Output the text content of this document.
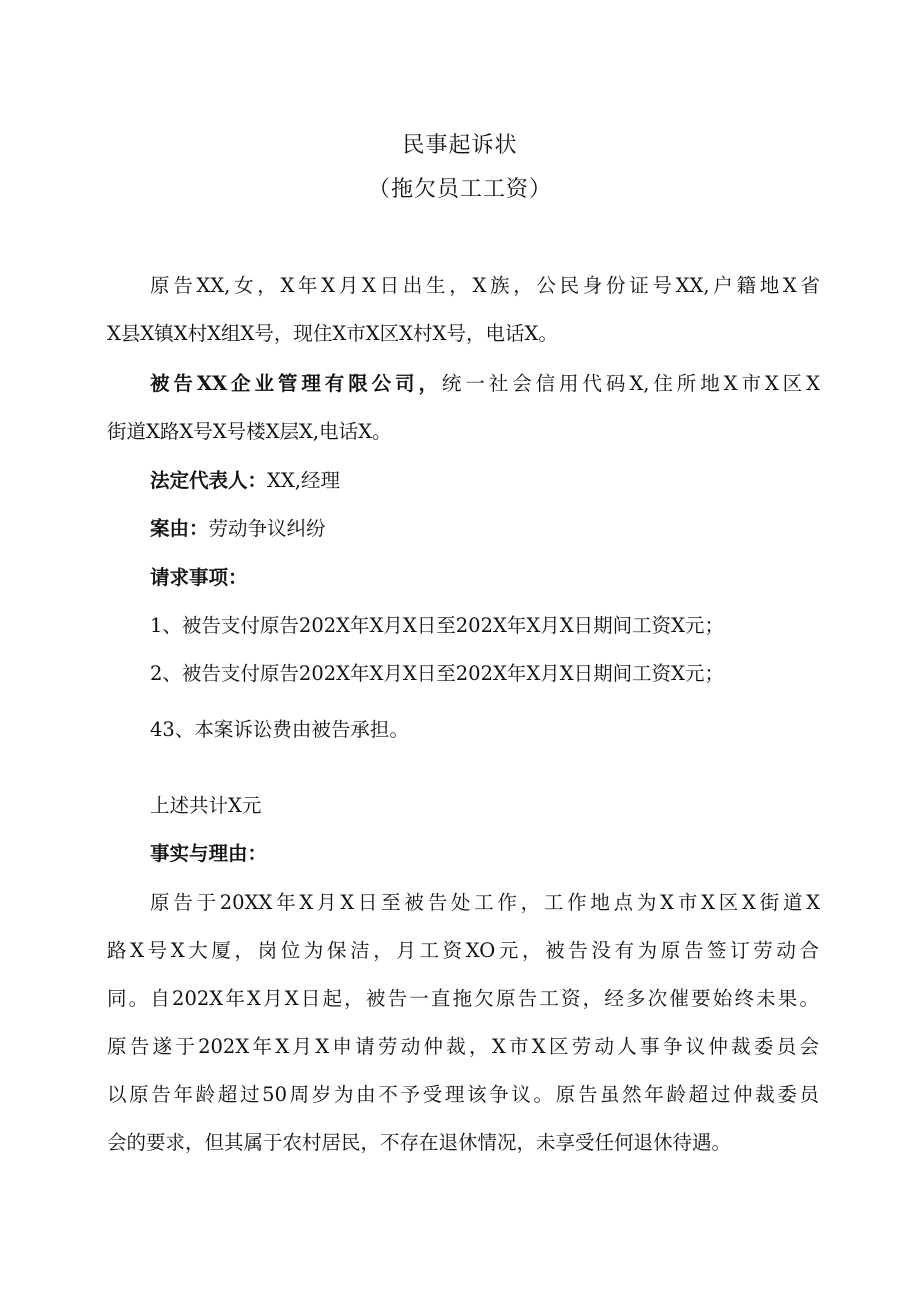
民事起诉状
（拖欠员工工资）
原告XX,女，X年X月X日出生，X族，公民身份证号XX,户籍地X省
X县X镇X村X组X号，现住X市X区X村X号，电话X。
被告XX企业管理有限公司，统一社会信用代码X,住所地X市X区X
街道X路X号X号楼X层X,电话X。
法定代表人：XX,经理
案由：劳动争议纠纷
请求事项：
1、被告支付原告202X年X月X日至202X年X月X日期间工资X元；
2、被告支付原告202X年X月X日至202X年X月X日期间工资X元；
43、本案诉讼费由被告承担。
上述共计X元
事实与理由：
原告于20XX年X月X日至被告处工作，工作地点为X市X区X街道X
路X号X大厦，岗位为保洁，月工资XO元，被告没有为原告签订劳动合
同。自202X年X月X日起，被告一直拖欠原告工资，经多次催要始终未果。
原告遂于202X年X月X申请劳动仲裁，X市X区劳动人事争议仲裁委员会
以原告年龄超过50周岁为由不予受理该争议。原告虽然年龄超过仲裁委员
会的要求，但其属于农村居民，不存在退休情况，未享受任何退休待遇。
